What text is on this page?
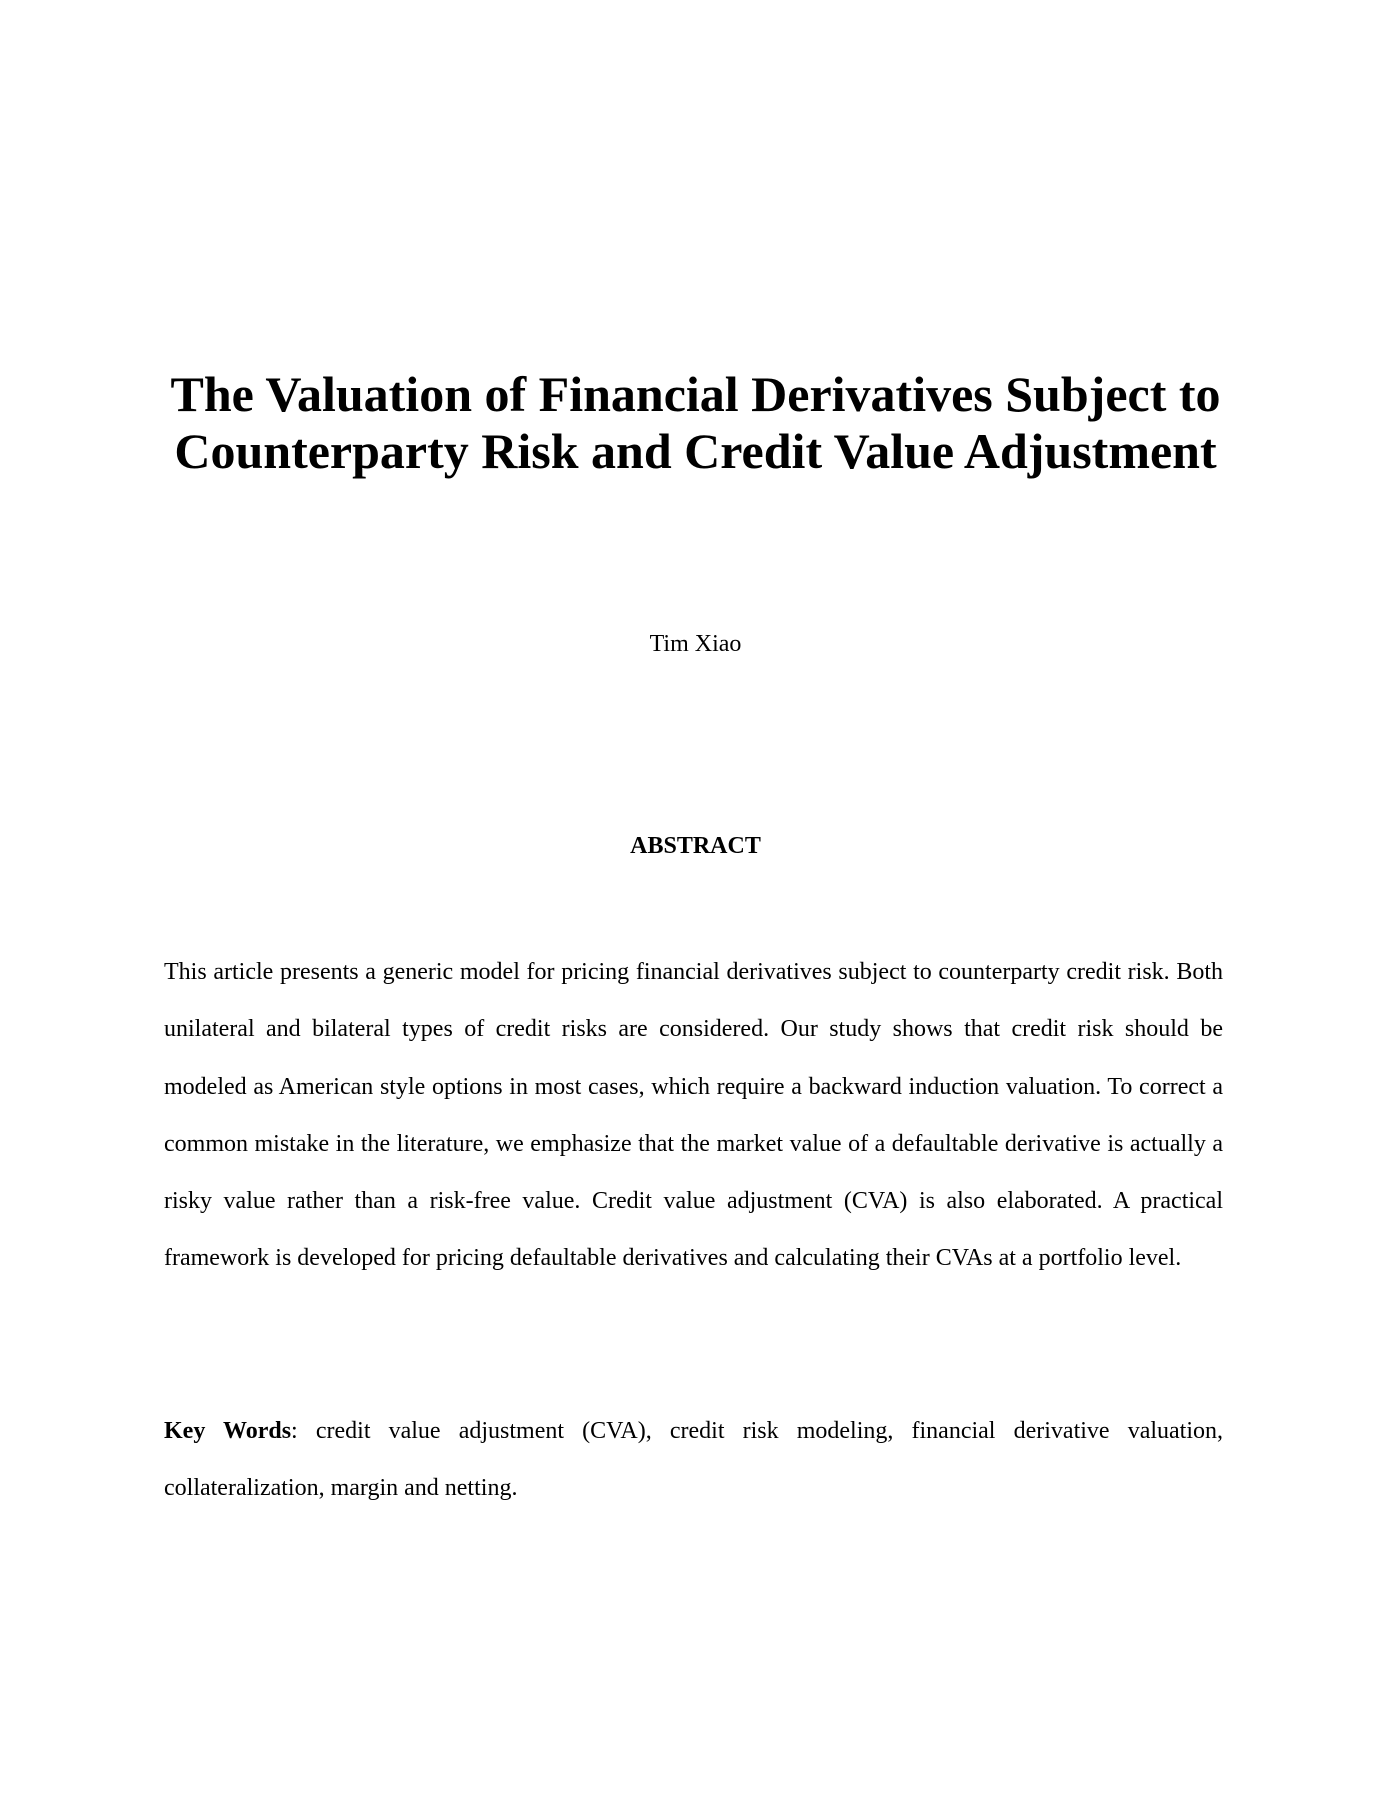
The Valuation of Financial Derivatives Subject to
Counterparty Risk and Credit Value Adjustment
Tim Xiao
ABSTRACT

This article presents a generic model for pricing financial derivatives subject to counterparty credit risk. Both unilateral and bilateral types of credit risks are considered. Our study shows that credit risk should be modeled as American style options in most cases, which require a backward induction valuation. To correct a common mistake in the literature, we emphasize that the market value of a defaultable derivative is actually a risky value rather than a risk-free value. Credit value adjustment (CVA) is also elaborated. A practical framework is developed for pricing defaultable derivatives and calculating their CVAs at a portfolio level.

Key Words: credit value adjustment (CVA), credit risk modeling, financial derivative valuation, collateralization, margin and netting.
